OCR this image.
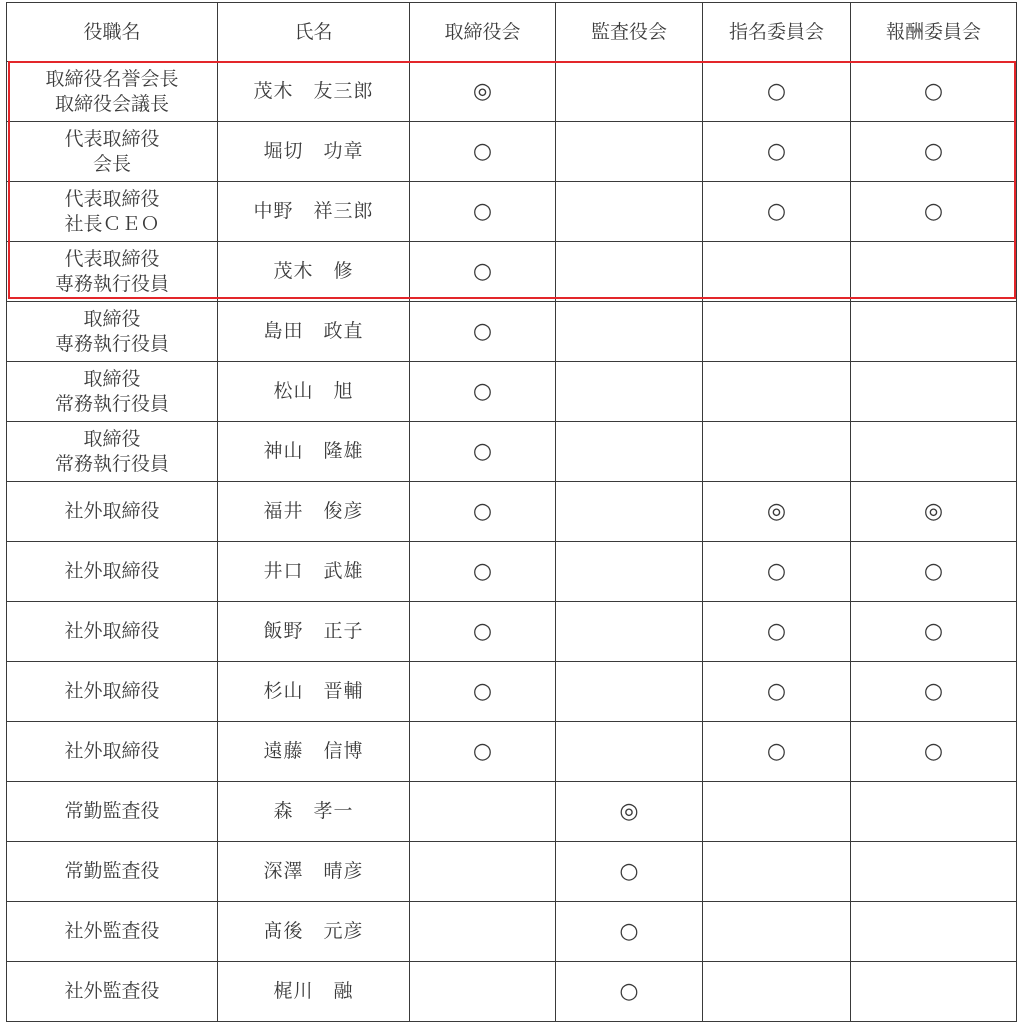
役職名	氏名	取締役会	監査役会	指名委員会	報酬委員会
取締役名誉会長
取締役会議長	茂木　友三郎	◎		○	○
代表取締役
会長	堀切　功章	○		○	○
代表取締役
社長ＣＥＯ	中野　祥三郎	○		○	○
代表取締役
専務執行役員	茂木　修	○			
取締役
専務執行役員	島田　政直	○			
取締役
常務執行役員	松山　旭	○			
取締役
常務執行役員	神山　隆雄	○			
社外取締役	福井　俊彦	○		◎	◎
社外取締役	井口　武雄	○		○	○
社外取締役	飯野　正子	○		○	○
社外取締役	杉山　晋輔	○		○	○
社外取締役	遠藤　信博	○		○	○
常勤監査役	森　孝一		◎		
常勤監査役	深澤　晴彦		○		
社外監査役	髙後　元彦		○		
社外監査役	梶川　融		○		
